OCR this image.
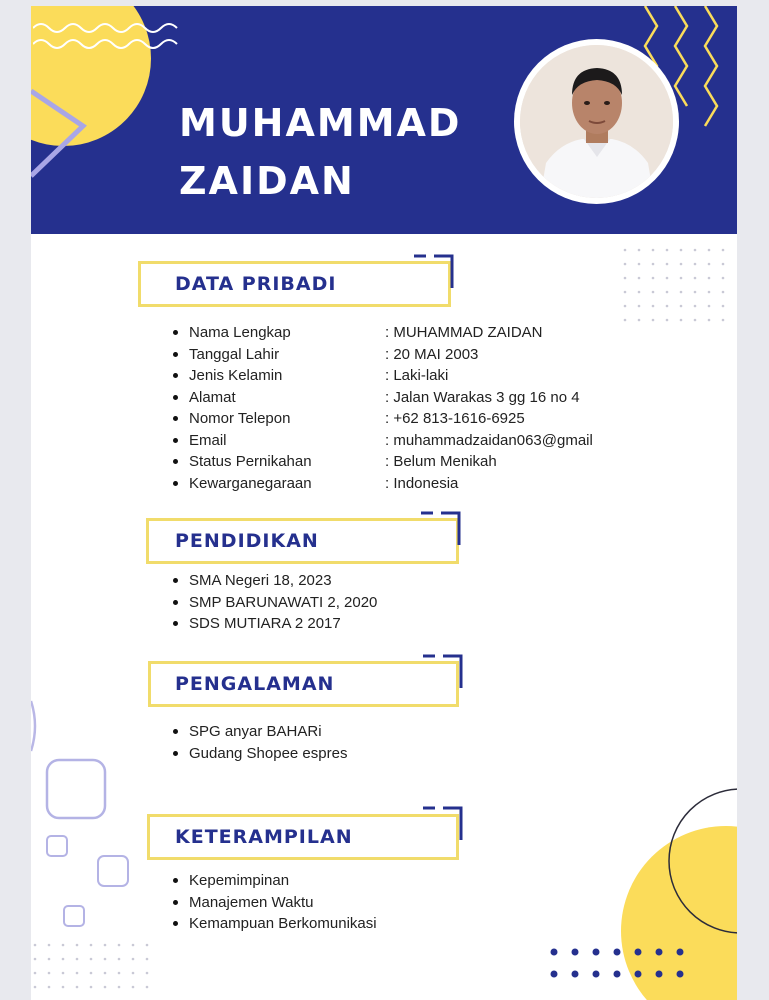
MUHAMMAD
ZAIDAN
DATA PRIBADI
Nama Lengkap	: MUHAMMAD ZAIDAN
Tanggal Lahir	: 20 MAI 2003
Jenis Kelamin	: Laki-laki
Alamat	: Jalan Warakas 3 gg 16 no 4
Nomor Telepon	: +62 813-1616-6925
Email	: muhammadzaidan063@gmail
Status Pernikahan	: Belum Menikah
Kewarganegaraan	: Indonesia
PENDIDIKAN
SMA Negeri 18, 2023
SMP BARUNAWATI 2, 2020
SDS MUTIARA 2 2017
PENGALAMAN
SPG anyar BAHARi
Gudang Shopee espres
KETERAMPILAN
Kepemimpinan
Manajemen Waktu
Kemampuan Berkomunikasi
